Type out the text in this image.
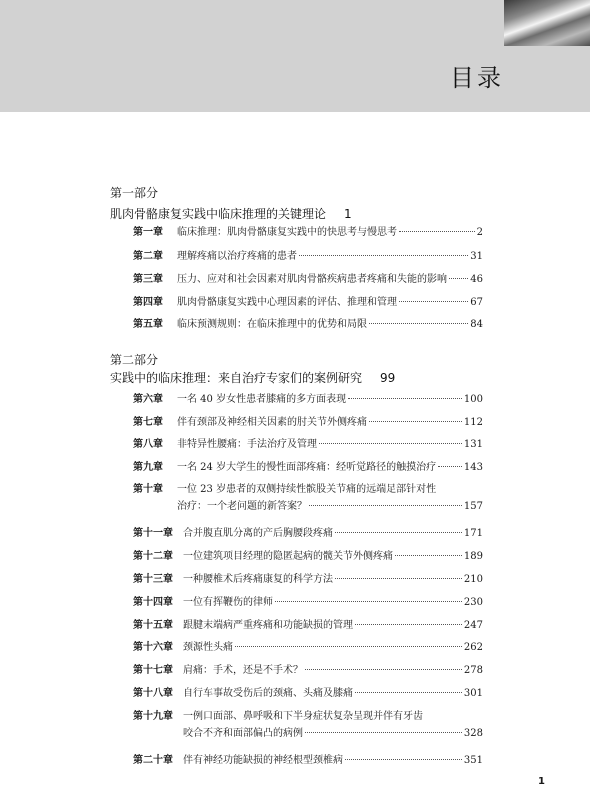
目录
第一部分
肌肉骨骼康复实践中临床推理的关键理论 1
第一章 临床推理：肌肉骨骼康复实践中的快思考与慢思考	2
第二章 理解疼痛以治疗疼痛的患者	31
第三章 压力、应对和社会因素对肌肉骨骼疾病患者疼痛和失能的影响 46
第四章 肌肉骨骼康复实践中心理因素的评估、推理和管理	67
第五章 临床预测规则：在临床推理中的优势和局限	84
第二部分
实践中的临床推理：来自治疗专家们的案例研究 99
第六章 一名 40 岁女性患者膝痛的多方面表现	100
第七章 伴有颈部及神经相关因素的肘关节外侧疼痛	112
第八章 非特异性腰痛：手法治疗及管理	131
第九章 一名 24 岁大学生的慢性面部疼痛：经听觉路径的触摸治疗	143
第十章 一位 23 岁患者的双侧持续性髌股关节痛的远端足部针对性
治疗：一个老问题的新答案？	157
第十一章 合并腹直肌分离的产后胸腰段疼痛	171
第十二章 一位建筑项目经理的隐匿起病的髋关节外侧疼痛	189
第十三章 一种腰椎术后疼痛康复的科学方法	210
第十四章 一位有挥鞭伤的律师	230
第十五章 跟腱末端病严重疼痛和功能缺损的管理	247
第十六章 颈源性头痛	262
第十七章 肩痛：手术，还是不手术？	278
第十八章 自行车事故受伤后的颈痛、头痛及膝痛	301
第十九章 一例口面部、鼻呼吸和下半身症状复杂呈现并伴有牙齿
咬合不齐和面部偏凸的病例	328
第二十章 伴有神经功能缺损的神经根型颈椎病	351
1
